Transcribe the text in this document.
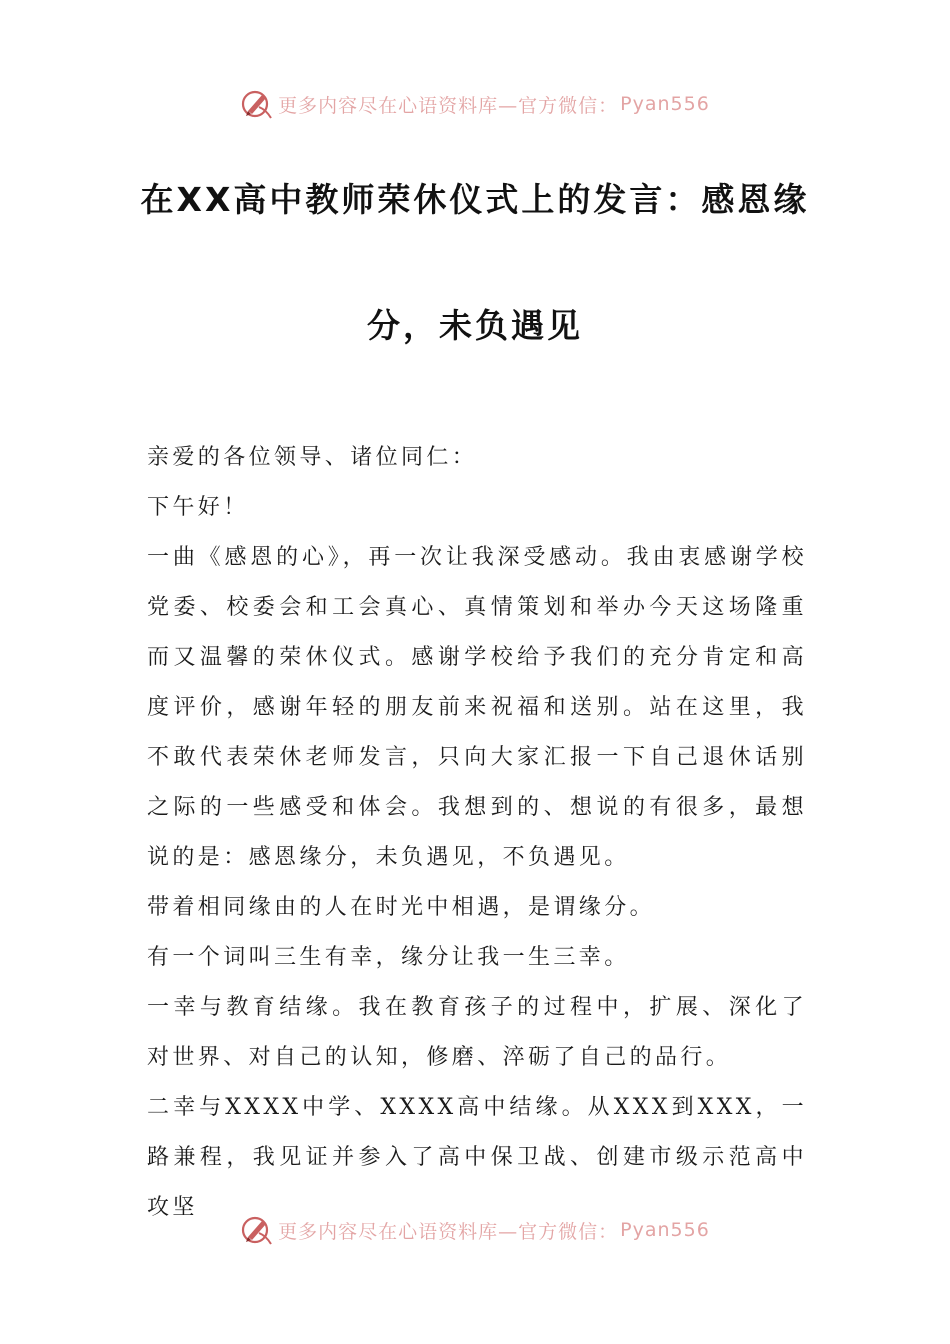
更多内容尽在心语资料库—官方微信： Pyan556
在XX高中教师荣休仪式上的发言：感恩缘
分，未负遇见

亲爱的各位领导、诸位同仁：

下午好！

一曲《感恩的心》，再一次让我深受感动。我由衷感谢学校党委、校委会和工会真心、真情策划和举办今天这场隆重而又温馨的荣休仪式。感谢学校给予我们的充分肯定和高度评价，感谢年轻的朋友前来祝福和送别。站在这里，我不敢代表荣休老师发言，只向大家汇报一下自己退休话别之际的一些感受和体会。我想到的、想说的有很多，最想说的是：感恩缘分，未负遇见，不负遇见。

带着相同缘由的人在时光中相遇，是谓缘分。

有一个词叫三生有幸，缘分让我一生三幸。

一幸与教育结缘。我在教育孩子的过程中，扩展、深化了对世界、对自己的认知，修磨、淬砺了自己的品行。

二幸与XXXX中学、XXXX高中结缘。从XXX到XXX，一路兼程，我见证并参入了高中保卫战、创建市级示范高中攻坚

更多内容尽在心语资料库—官方微信： Pyan556
